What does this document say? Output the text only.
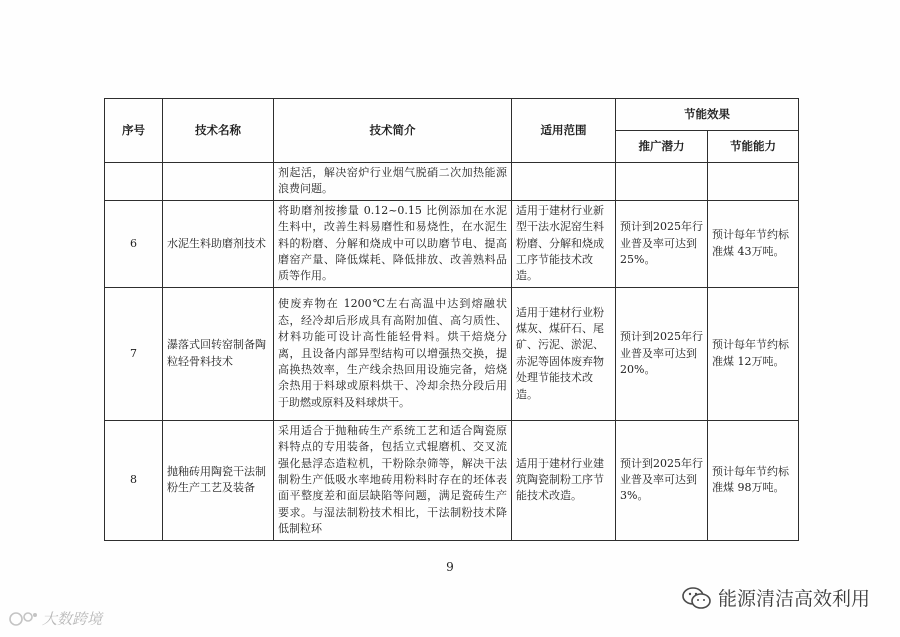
序号	技术名称	技术简介	适用范围	节能效果	
				推广潜力	节能能力
		剂起活，解决窑炉行业烟气脱硝二次加热能源浪费问题。			
6	水泥生料助磨剂技术	将助磨剂按掺量 0.12~0.15 比例添加在水泥生料中，改善生料易磨性和易烧性，在水泥生料的粉磨、分解和烧成中可以助磨节电、提高磨窑产量、降低煤耗、降低排放、改善熟料品质等作用。	适用于建材行业新型干法水泥窑生料粉磨、分解和烧成工序节能技术改造。	预计到2025年行业普及率可达到25%。	预计每年节约标准煤 43万吨。
7	瀑落式回转窑制备陶粒轻骨料技术	使废弃物在 1200℃左右高温中达到熔融状态，经冷却后形成具有高附加值、高匀质性、材料功能可设计高性能轻骨料。烘干焙烧分离，且设备内部异型结构可以增强热交换，提高换热效率，生产线余热回用设施完备，焙烧余热用于料球或原料烘干、冷却余热分段后用于助燃或原料及料球烘干。	适用于建材行业粉煤灰、煤矸石、尾矿、污泥、淤泥、赤泥等固体废弃物处理节能技术改造。	预计到2025年行业普及率可达到20%。	预计每年节约标准煤 12万吨。
8	抛釉砖用陶瓷干法制粉生产工艺及装备	采用适合于抛釉砖生产系统工艺和适合陶瓷原料特点的专用装备，包括立式辊磨机、交叉流强化悬浮态造粒机，干粉除杂筛等，解决干法制粉生产低吸水率地砖用粉料时存在的坯体表面平整度差和面层缺陷等问题，满足瓷砖生产要求。与湿法制粉技术相比，干法制粉技术降低制粒环	适用于建材行业建筑陶瓷制粉工序节能技术改造。	预计到2025年行业普及率可达到3%。	预计每年节约标准煤 98万吨。
9
能源清洁高效利用
大数跨境
